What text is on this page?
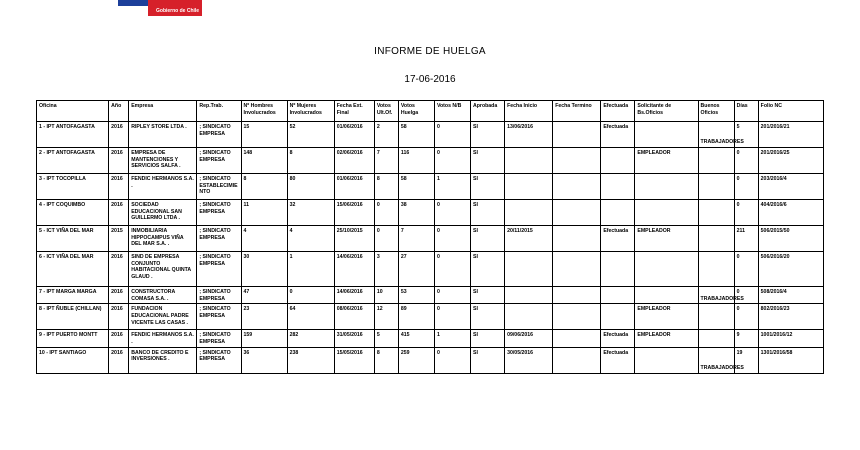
Gobierno de Chile
INFORME DE HUELGA
17-06-2016
Oficina	Año	Empresa	Rep.Trab.	Nº Hombres Involucrados	Nº Mujeres Involucrados	Fecha Ext. Final	Votos Ult.Of.	Votos Huelga	Votos N/B	Aprobada	Fecha Inicio	Fecha Termino	Efectuada	Solicitante de Bs.Oficios	Buenos Oficios	Días	Folio NC
1 - IPT ANTOFAGASTA	2016	RIPLEY STORE LTDA .	; SINDICATO EMPRESA	15	52	01/06/2016	2	58	0	SI	13/06/2016		Efectuada		TRABAJADORES	5	201/2016/21
2 - IPT ANTOFAGASTA	2016	EMPRESA DE MANTENCIONES Y SERVICIOS SALFA .	; SINDICATO EMPRESA	148	8	02/06/2016	7	116	0	SI				EMPLEADOR		0	201/2016/25
3 - IPT TOCOPILLA	2016	FENDIC HERMANOS S.A. .	; SINDICATO ESTABLECIMIENTO	8	80	01/06/2016	8	58	1	SI						0	203/2016/4
4 - IPT COQUIMBO	2016	SOCIEDAD EDUCACIONAL SAN GUILLERMO LTDA .	; SINDICATO EMPRESA	11	32	15/06/2016	0	38	0	SI						0	404/2016/6
5 - ICT VIÑA DEL MAR	2015	INMOBILIARIA HIPPOCAMPUS VIÑA DEL MAR S.A. .	; SINDICATO EMPRESA	4	4	25/10/2015	0	7	0	SI	20/11/2015		Efectuada	EMPLEADOR		211	506/2015/50
6 - ICT VIÑA DEL MAR	2016	SIND DE EMPRESA CONJUNTO HABITACIONAL QUINTA GLAUD .	; SINDICATO EMPRESA	30	1	14/06/2016	3	27	0	SI						0	506/2016/20
7 - IPT MARGA MARGA	2016	CONSTRUCTORA COMASA S.A. .	; SINDICATO EMPRESA	47	0	14/06/2016	10	53	0	SI					TRABAJADORES	0	508/2016/4
8 - IPT ÑUBLE (CHILLAN)	2016	FUNDACION EDUCACIONAL PADRE VICENTE LAS CASAS .	; SINDICATO EMPRESA	23	64	08/06/2016	12	89	0	SI				EMPLEADOR		0	802/2016/23
9 - IPT PUERTO MONTT	2016	FENDIC HERMANOS S.A. .	; SINDICATO EMPRESA	159	282	31/05/2016	5	415	1	SI	09/06/2016		Efectuada	EMPLEADOR		9	1001/2016/12
10 - IPT SANTIAGO	2016	BANCO DE CREDITO E INVERSIONES .	; SINDICATO EMPRESA	36	238	15/05/2016	8	259	0	SI	30/05/2016		Efectuada		TRABAJADORES	19	1301/2016/58
